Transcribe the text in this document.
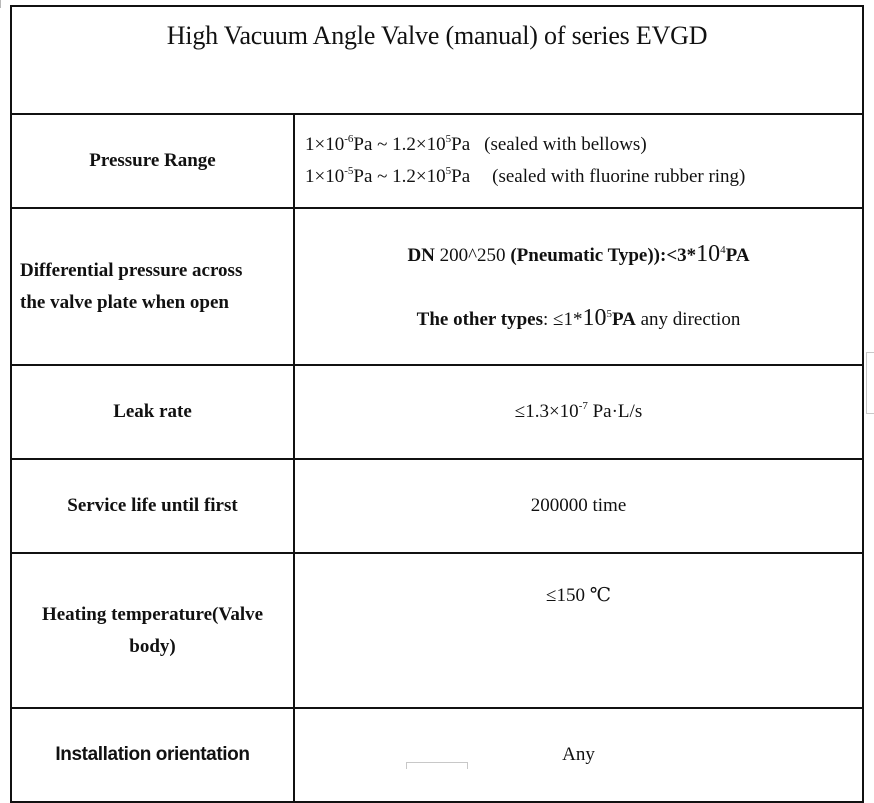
High Vacuum Angle Valve (manual) of series EVGD	
Pressure Range	$1\times 10^{-6}Pa$ ~ $1.2\times 10^5Pa$ (sealed with bellows)
$1\times 10^{-5}Pa$ ~ $1.2\times 10^5Pa$ (sealed with fluorine rubber ring)

Differential pressure across
the valve plate when open	DN 200^250 (Pneumatic $Type)):<3*10^4PA$
The other types: $\le 1*10^5PA$ any direction

Leak rate	$\le 1.3\times 10^{-7}$ Pa·L/s
Service life until first	200000 time

Heating temperature(Valve
body)	≤150 ℃
Installation orientation	Any
